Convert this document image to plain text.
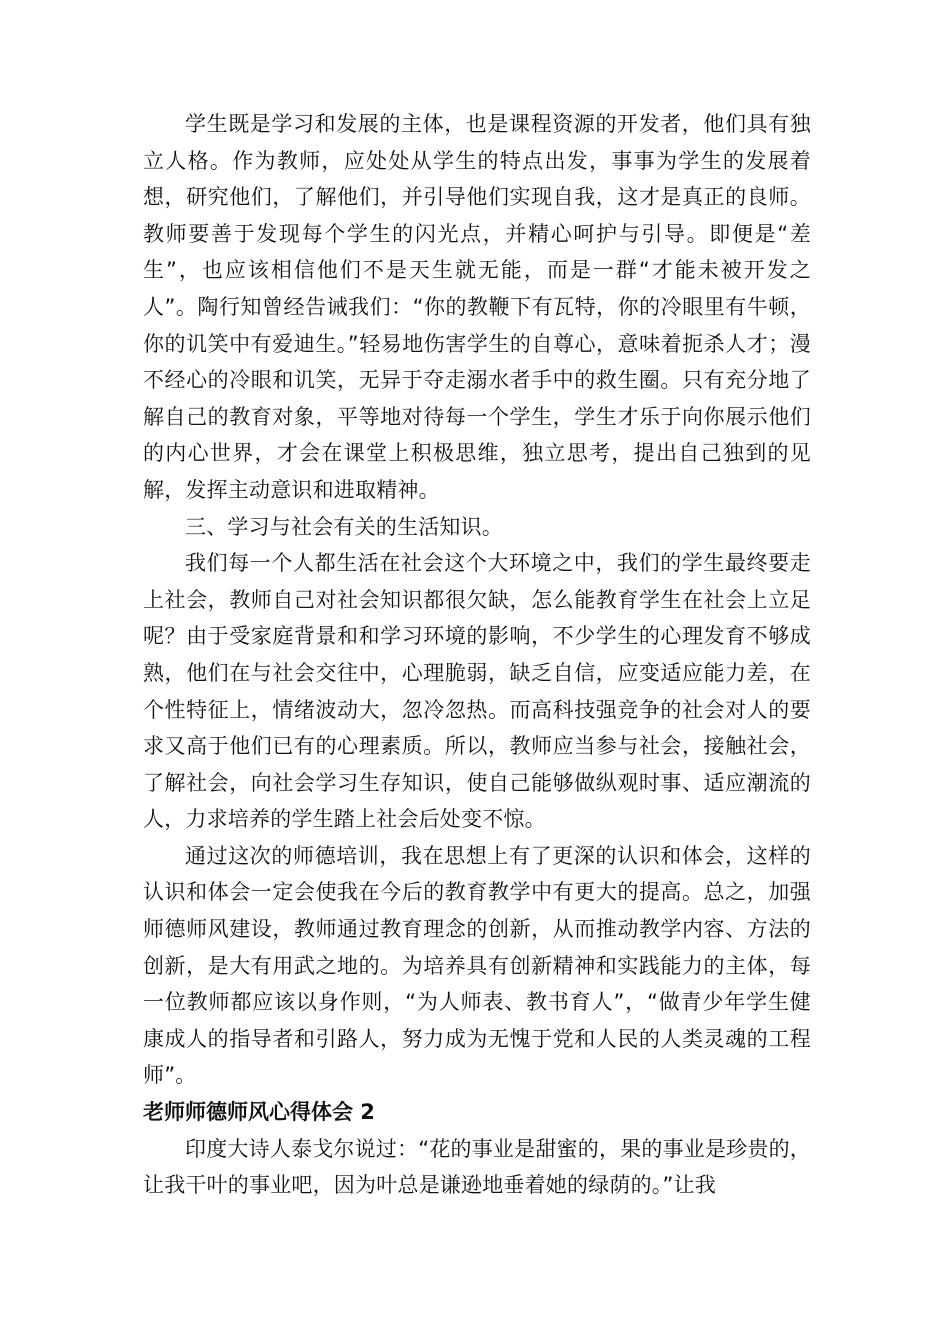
学生既是学习和发展的主体，也是课程资源的开发者，他们具有独立人格。作为教师，应处处从学生的特点出发，事事为学生的发展着想，研究他们，了解他们，并引导他们实现自我，这才是真正的良师。教师要善于发现每个学生的闪光点，并精心呵护与引导。即便是“差生”，也应该相信他们不是天生就无能，而是一群“才能未被开发之人”。陶行知曾经告诫我们：“你的教鞭下有瓦特，你的冷眼里有牛顿，你的讥笑中有爱迪生。”轻易地伤害学生的自尊心，意味着扼杀人才；漫不经心的冷眼和讥笑，无异于夺走溺水者手中的救生圈。只有充分地了解自己的教育对象，平等地对待每一个学生，学生才乐于向你展示他们的内心世界，才会在课堂上积极思维，独立思考，提出自己独到的见解，发挥主动意识和进取精神。

三、学习与社会有关的生活知识。

我们每一个人都生活在社会这个大环境之中，我们的学生最终要走上社会，教师自己对社会知识都很欠缺，怎么能教育学生在社会上立足呢？由于受家庭背景和和学习环境的影响，不少学生的心理发育不够成熟，他们在与社会交往中，心理脆弱，缺乏自信，应变适应能力差，在个性特征上，情绪波动大，忽冷忽热。而高科技强竞争的社会对人的要求又高于他们已有的心理素质。所以，教师应当参与社会，接触社会，了解社会，向社会学习生存知识，使自己能够做纵观时事、适应潮流的人，力求培养的学生踏上社会后处变不惊。

通过这次的师德培训，我在思想上有了更深的认识和体会，这样的认识和体会一定会使我在今后的教育教学中有更大的提高。总之，加强师德师风建设，教师通过教育理念的创新，从而推动教学内容、方法的创新，是大有用武之地的。为培养具有创新精神和实践能力的主体，每一位教师都应该以身作则，“为人师表、教书育人”，“做青少年学生健康成人的指导者和引路人，努力成为无愧于党和人民的人类灵魂的工程师”。

老师师德师风心得体会 2

印度大诗人泰戈尔说过：“花的事业是甜蜜的，果的事业是珍贵的，让我干叶的事业吧，因为叶总是谦逊地垂着她的绿荫的。”让我
